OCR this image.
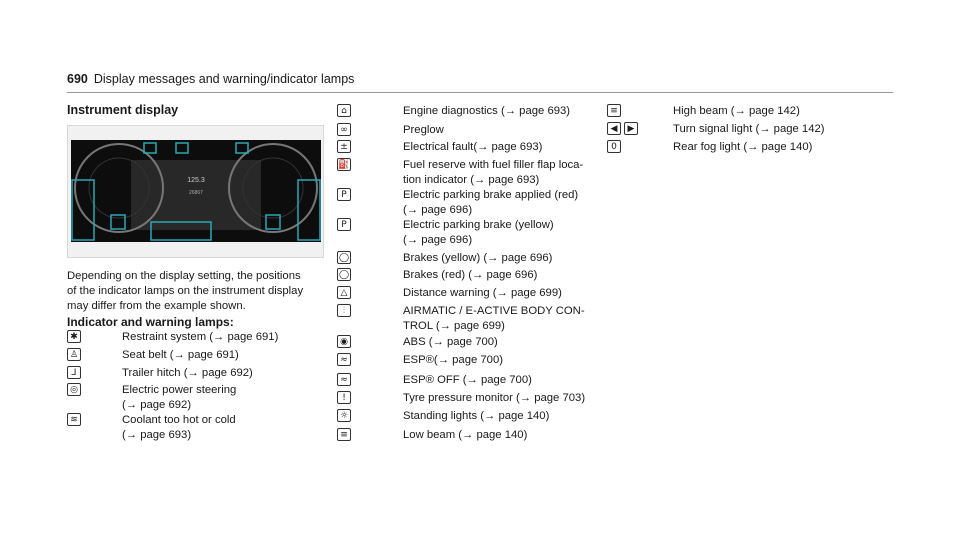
690 Display messages and warning/indicator lamps
Instrument display
125.3
26867
Depending on the display setting, the positions
of the indicator lamps on the instrument display
may differ from the example shown.
Indicator and warning lamps:
✱	Restraint system (→ page 691)
♙	Seat belt (→ page 691)
⅃	Trailer hitch (→ page 692)
◎	Electric power steering
(→ page 692)
≋	Coolant too hot or cold
(→ page 693)
⌂	Engine diagnostics (→ page 693)
∞	Preglow
±	Electrical fault(→ page 693)
⛽	Fuel reserve with fuel filler flap loca-
tion indicator (→ page 693)
P	Electric parking brake applied (red)
(→ page 696)
P	Electric parking brake (yellow)
(→ page 696)
◯	Brakes (yellow) (→ page 696)
◯	Brakes (red) (→ page 696)
△	Distance warning (→ page 699)
⫶	AIRMATIC / E-ACTIVE BODY CON-
TROL (→ page 699)
◉	ABS (→ page 700)
≈	ESP®(→ page 700)
≈	ESP® OFF (→ page 700)
!	Tyre pressure monitor (→ page 703)
☼	Standing lights (→ page 140)
≡	Low beam (→ page 140)
≡	High beam (→ page 142)
◀	▶	Turn signal light (→ page 142)
0	Rear fog light (→ page 140)
